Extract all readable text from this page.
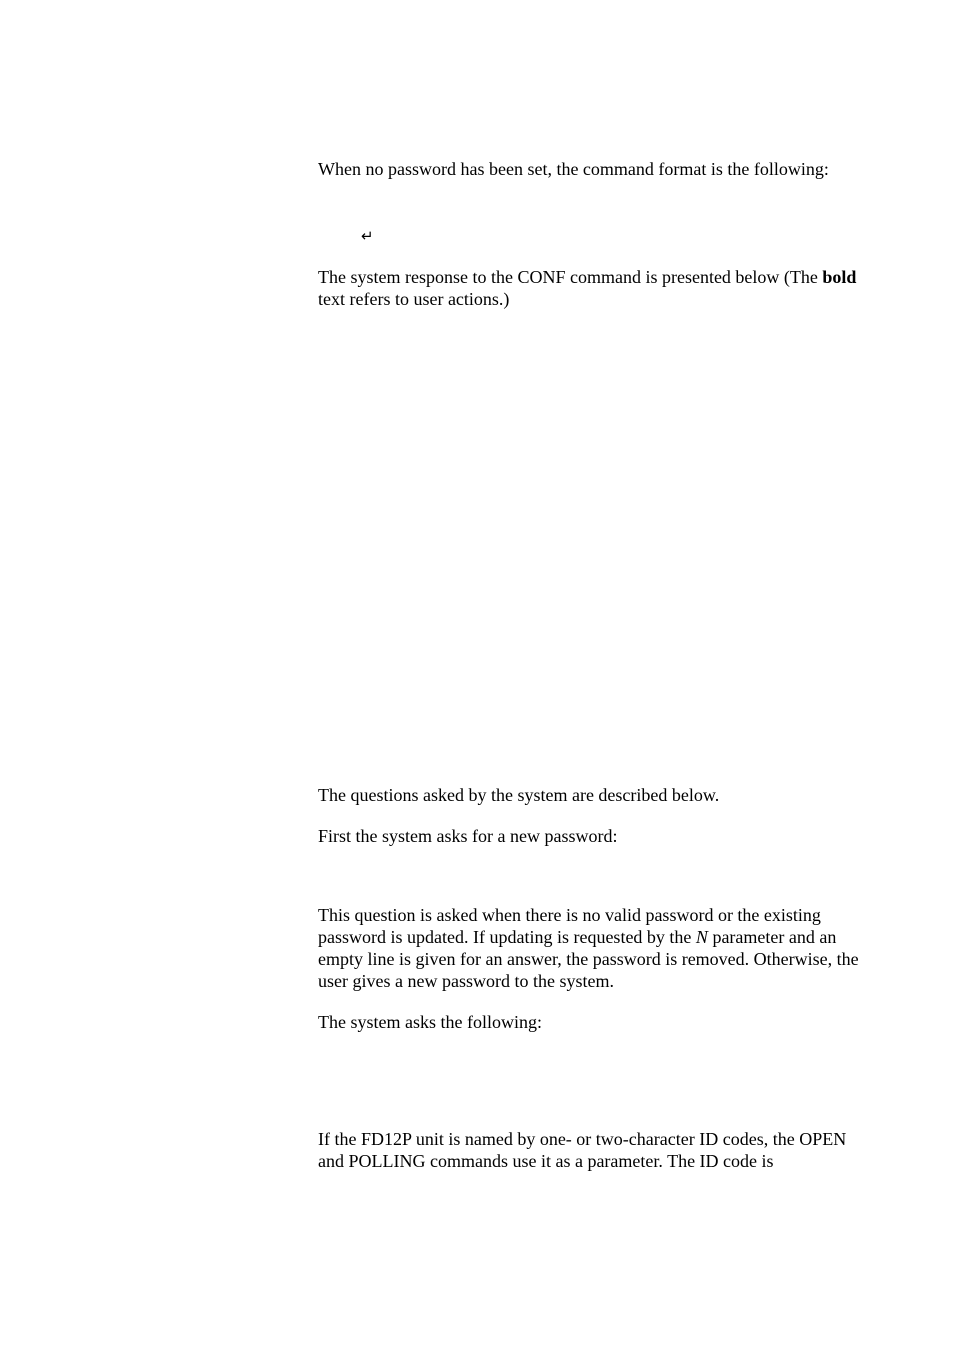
When no password has been set, the command format is the following:

↵

The system response to the CONF command is presented below (The bold text refers to user actions.)

The questions asked by the system are described below.

First the system asks for a new password:

This question is asked when there is no valid password or the existing password is updated. If updating is requested by the N parameter and an empty line is given for an answer, the password is removed. Otherwise, the user gives a new password to the system.

The system asks the following:

If the FD12P unit is named by one- or two-character ID codes, the OPEN and POLLING commands use it as a parameter. The ID code is
